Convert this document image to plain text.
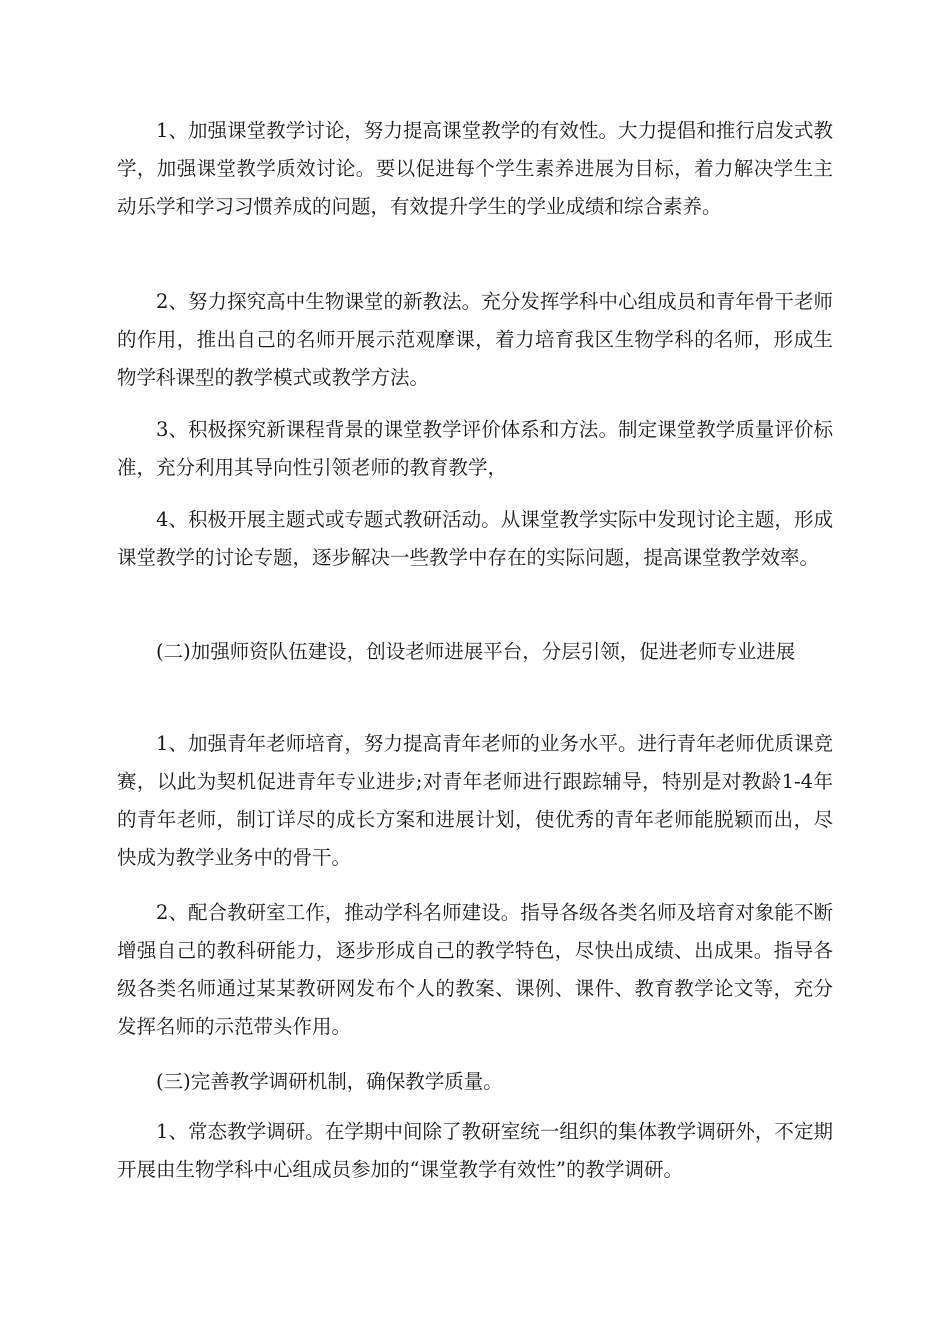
1、加强课堂教学讨论，努力提高课堂教学的有效性。大力提倡和推行启发式教学，加强课堂教学质效讨论。要以促进每个学生素养进展为目标，着力解决学生主动乐学和学习习惯养成的问题，有效提升学生的学业成绩和综合素养。

2、努力探究高中生物课堂的新教法。充分发挥学科中心组成员和青年骨干老师的作用，推出自己的名师开展示范观摩课，着力培育我区生物学科的名师，形成生物学科课型的教学模式或教学方法。

3、积极探究新课程背景的课堂教学评价体系和方法。制定课堂教学质量评价标准，充分利用其导向性引领老师的教育教学，

4、积极开展主题式或专题式教研活动。从课堂教学实际中发现讨论主题，形成课堂教学的讨论专题，逐步解决一些教学中存在的实际问题，提高课堂教学效率。

(二)加强师资队伍建设，创设老师进展平台，分层引领，促进老师专业进展

1、加强青年老师培育，努力提高青年老师的业务水平。进行青年老师优质课竞赛，以此为契机促进青年专业进步;对青年老师进行跟踪辅导，特别是对教龄1-4年的青年老师，制订详尽的成长方案和进展计划，使优秀的青年老师能脱颖而出，尽快成为教学业务中的骨干。

2、配合教研室工作，推动学科名师建设。指导各级各类名师及培育对象能不断增强自己的教科研能力，逐步形成自己的教学特色，尽快出成绩、出成果。指导各级各类名师通过某某教研网发布个人的教案、课例、课件、教育教学论文等，充分发挥名师的示范带头作用。

(三)完善教学调研机制，确保教学质量。

1、常态教学调研。在学期中间除了教研室统一组织的集体教学调研外，不定期开展由生物学科中心组成员参加的“课堂教学有效性”的教学调研。
